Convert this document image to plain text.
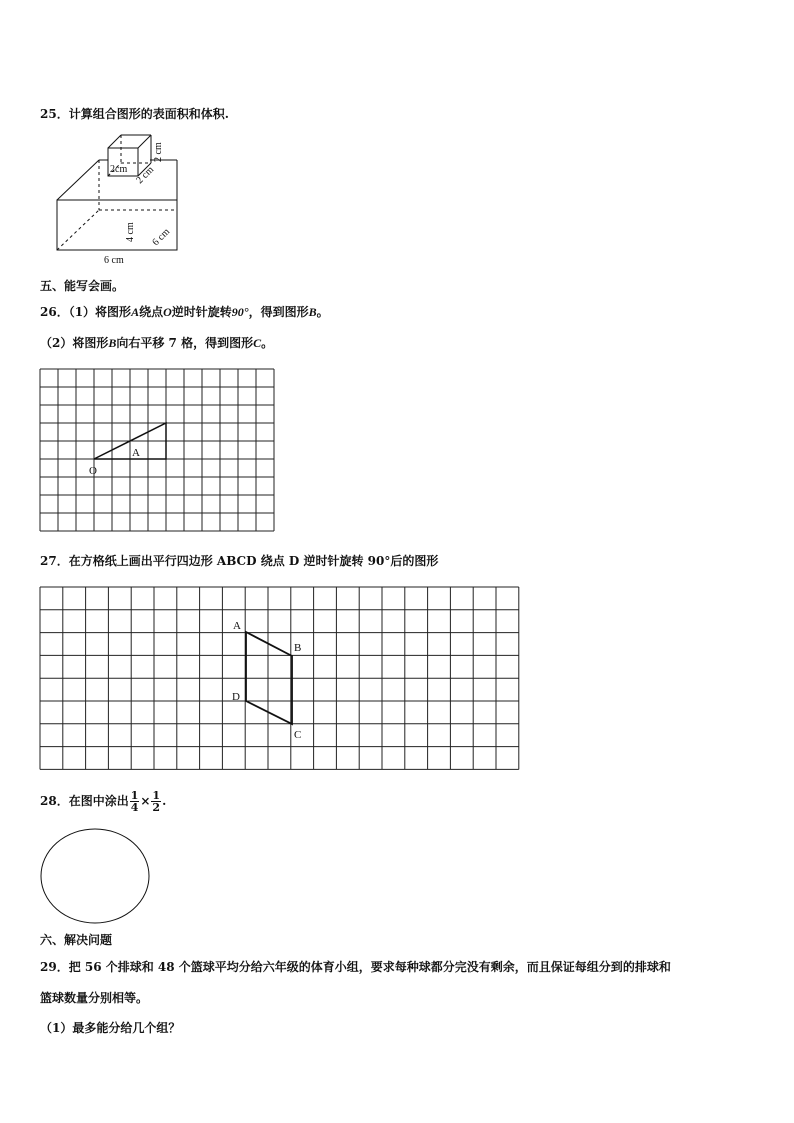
25．计算组合图形的表面积和体积.
2cm
2 cm
2 cm
4 cm 6 cm
6 cm
五、能写会画。
26．（1）将图形A绕点O逆时针旋转90°，得到图形B。
（2）将图形B向右平移 7 格，得到图形C。
A
O
27．在方格纸上画出平行四边形 ABCD 绕点 D 逆时针旋转 90°后的图形
A
B
C
D
28．在图中涂出 $\frac{1}{4} \times \frac{1}{2}$ .
六、解决问题
29．把 56 个排球和 48 个篮球平均分给六年级的体育小组，要求每种球都分完没有剩余，而且保证每组分到的排球和
篮球数量分别相等。
（1）最多能分给几个组？
